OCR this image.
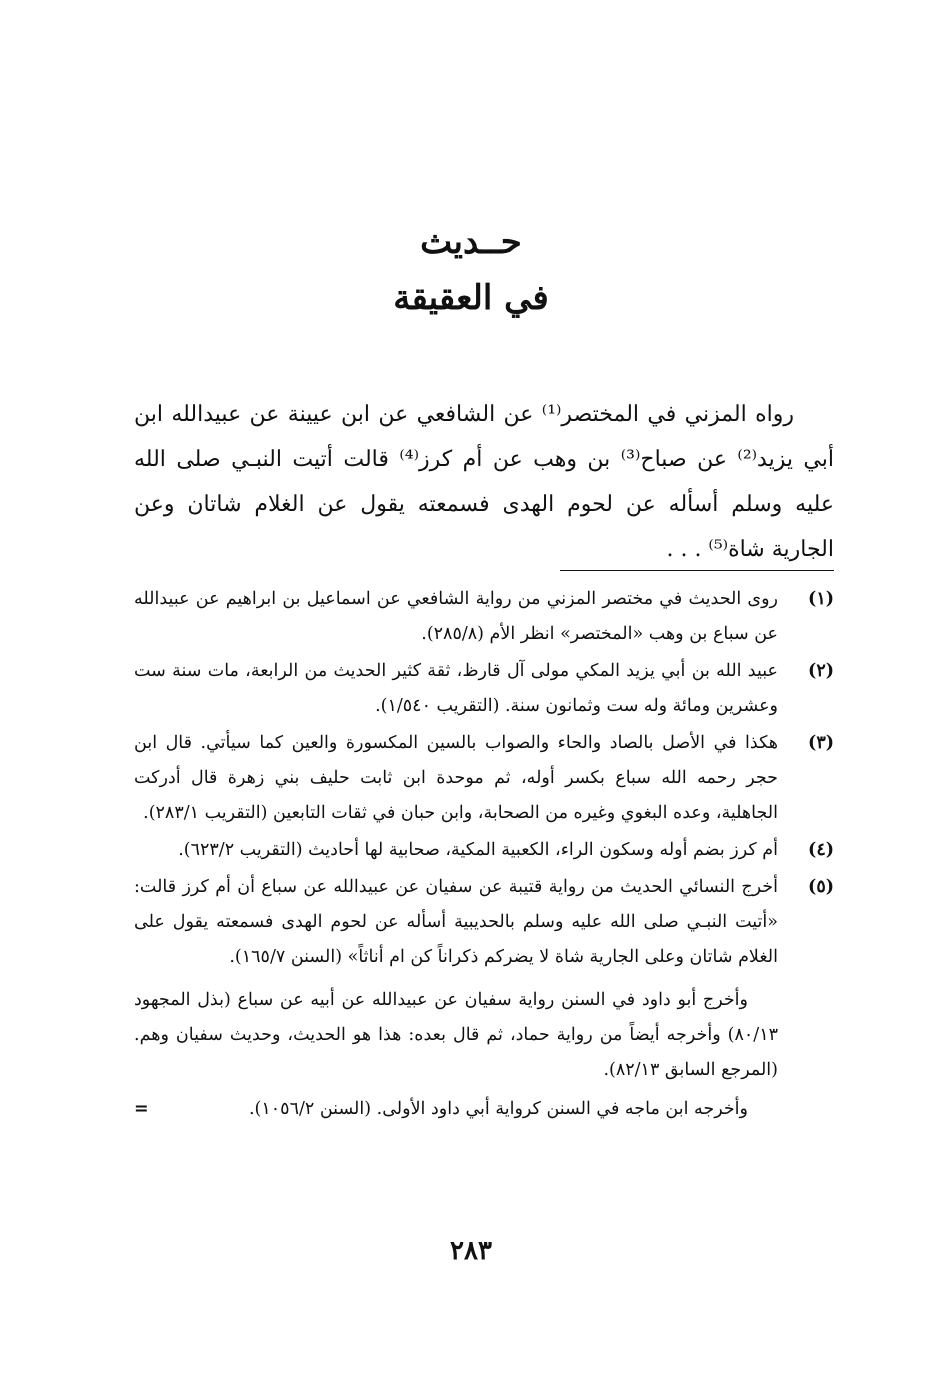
حــديث
في العقيقة
رواه المزني في المختصر⁽¹⁾ عن الشافعي عن ابن عيينة عن عبيدالله ابن أبي يزيد⁽²⁾ عن صباح⁽³⁾ بن وهب عن أم كرز⁽⁴⁾ قالت أتيت النبـي صلى الله عليه وسلم أسأله عن لحوم الهدى فسمعته يقول عن الغلام شاتان وعن الجارية شاة⁽⁵⁾ . . .
(١)
روى الحديث في مختصر المزني من رواية الشافعي عن اسماعيل بن ابراهيم عن عبيدالله عن سباع بن وهب «المختصر» انظر الأم (٢٨٥/٨).
(٢)
عبيد الله بن أبي يزيد المكي مولى آل قارظ، ثقة كثير الحديث من الرابعة، مات سنة ست وعشرين ومائة وله ست وثمانون سنة. (التقريب ١/٥٤٠).
(٣)
هكذا في الأصل بالصاد والحاء والصواب بالسين المكسورة والعين كما سيأتي. قال ابن حجر رحمه الله سباع بكسر أوله، ثم موحدة ابن ثابت حليف بني زهرة قال أدركت الجاهلية، وعده البغوي وغيره من الصحابة، وابن حبان في ثقات التابعين (التقريب ٢٨٣/١).
(٤)
أم كرز بضم أوله وسكون الراء، الكعبية المكية، صحابية لها أحاديث (التقريب ٦٢٣/٢).
(٥)
أخرج النسائي الحديث من رواية قتيبة عن سفيان عن عبيدالله عن سباع أن أم كرز قالت: «أتيت النبـي صلى الله عليه وسلم بالحديبية أسأله عن لحوم الهدى فسمعته يقول على الغلام شاتان وعلى الجارية شاة لا يضركم ذكراناً كن ام أناثاً» (السنن ١٦٥/٧).
وأخرج أبو داود في السنن رواية سفيان عن عبيدالله عن أبيه عن سباع (بذل المجهود ٨٠/١٣) وأخرجه أيضاً من رواية حماد، ثم قال بعده: هذا هو الحديث، وحديث سفيان وهم. (المرجع السابق ٨٢/١٣).
وأخرجه ابن ماجه في السنن كرواية أبي داود الأولى. (السنن ١٠٥٦/٢).
=
٢٨٣
